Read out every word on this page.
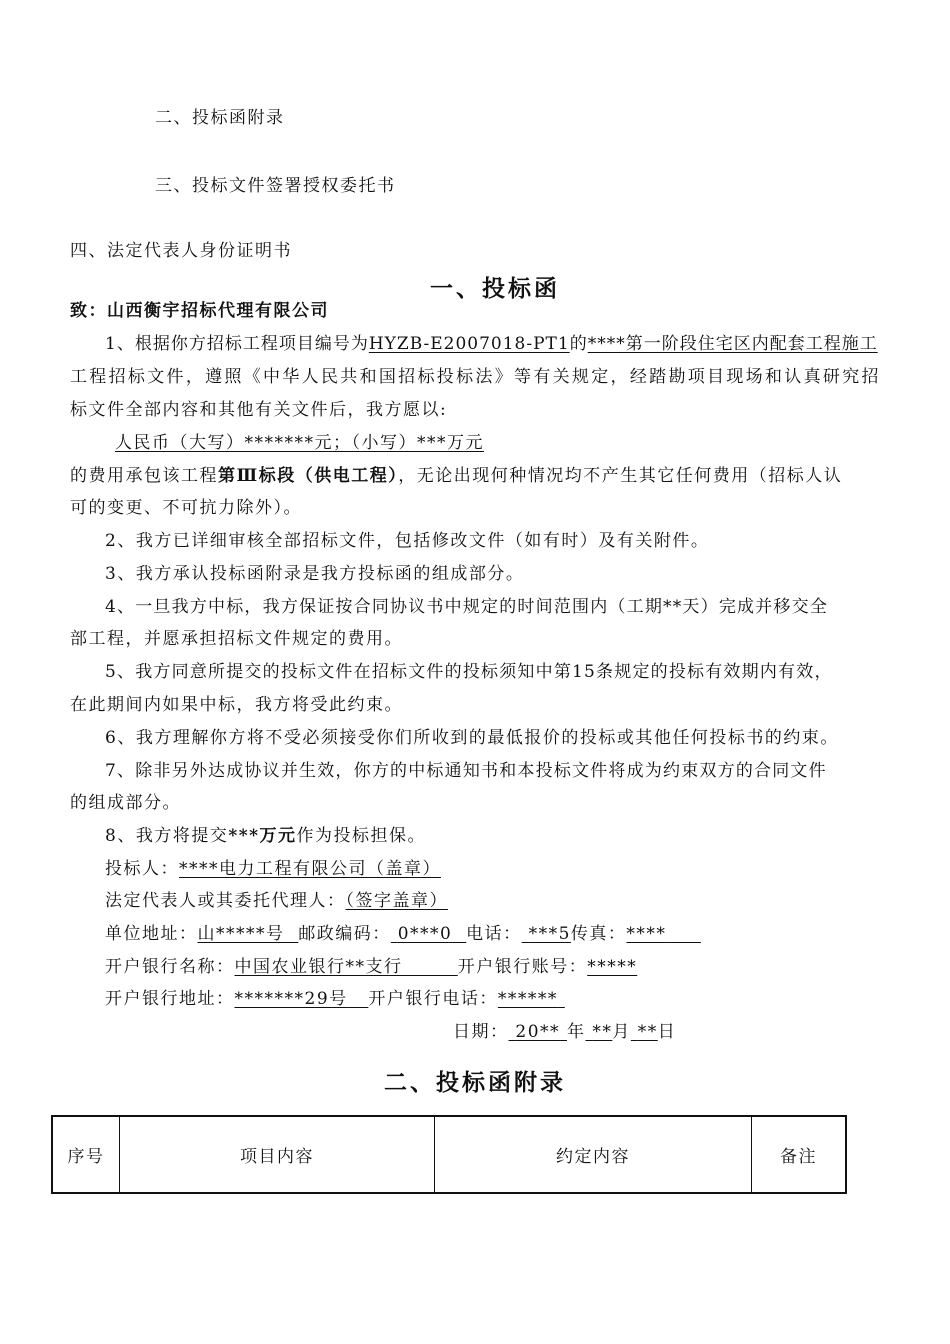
二、投标函附录
三、投标文件签署授权委托书
四、法定代表人身份证明书
一、投标函
致：山西衡宇招标代理有限公司
1、根据你方招标工程项目编号为HYZB-E2007018-PT1的****第一阶段住宅区内配套工程施工
工程招标文件，遵照《中华人民共和国招标投标法》等有关规定，经踏勘项目现场和认真研究招
标文件全部内容和其他有关文件后，我方愿以:
人民币（大写）*******元；（小写）***万元
的费用承包该工程第Ⅲ标段（供电工程），无论出现何种情况均不产生其它任何费用（招标人认
可的变更、不可抗力除外）。
2、我方已详细审核全部招标文件，包括修改文件（如有时）及有关附件。
3、我方承认投标函附录是我方投标函的组成部分。
4、一旦我方中标，我方保证按合同协议书中规定的时间范围内（工期**天）完成并移交全
部工程，并愿承担招标文件规定的费用。
5、我方同意所提交的投标文件在招标文件的投标须知中第15条规定的投标有效期内有效，
在此期间内如果中标，我方将受此约束。
6、我方理解你方将不受必须接受你们所收到的最低报价的投标或其他任何投标书的约束。
7、除非另外达成协议并生效，你方的中标通知书和本投标文件将成为约束双方的合同文件
的组成部分。
8、我方将提交***万元作为投标担保。
投标人：****电力工程有限公司（盖章）
法定代表人或其委托代理人：（签字盖章）
单位地址：山*****号 邮政编码： 0***0 电话： ***5传真：****
开户银行名称：中国农业银行**支行	开户银行账号：*****
开户银行地址：*******29号 开户银行电话：******
日期： 20** 年 **月 **日
二、投标函附录
序号	项目内容	约定内容	备注
